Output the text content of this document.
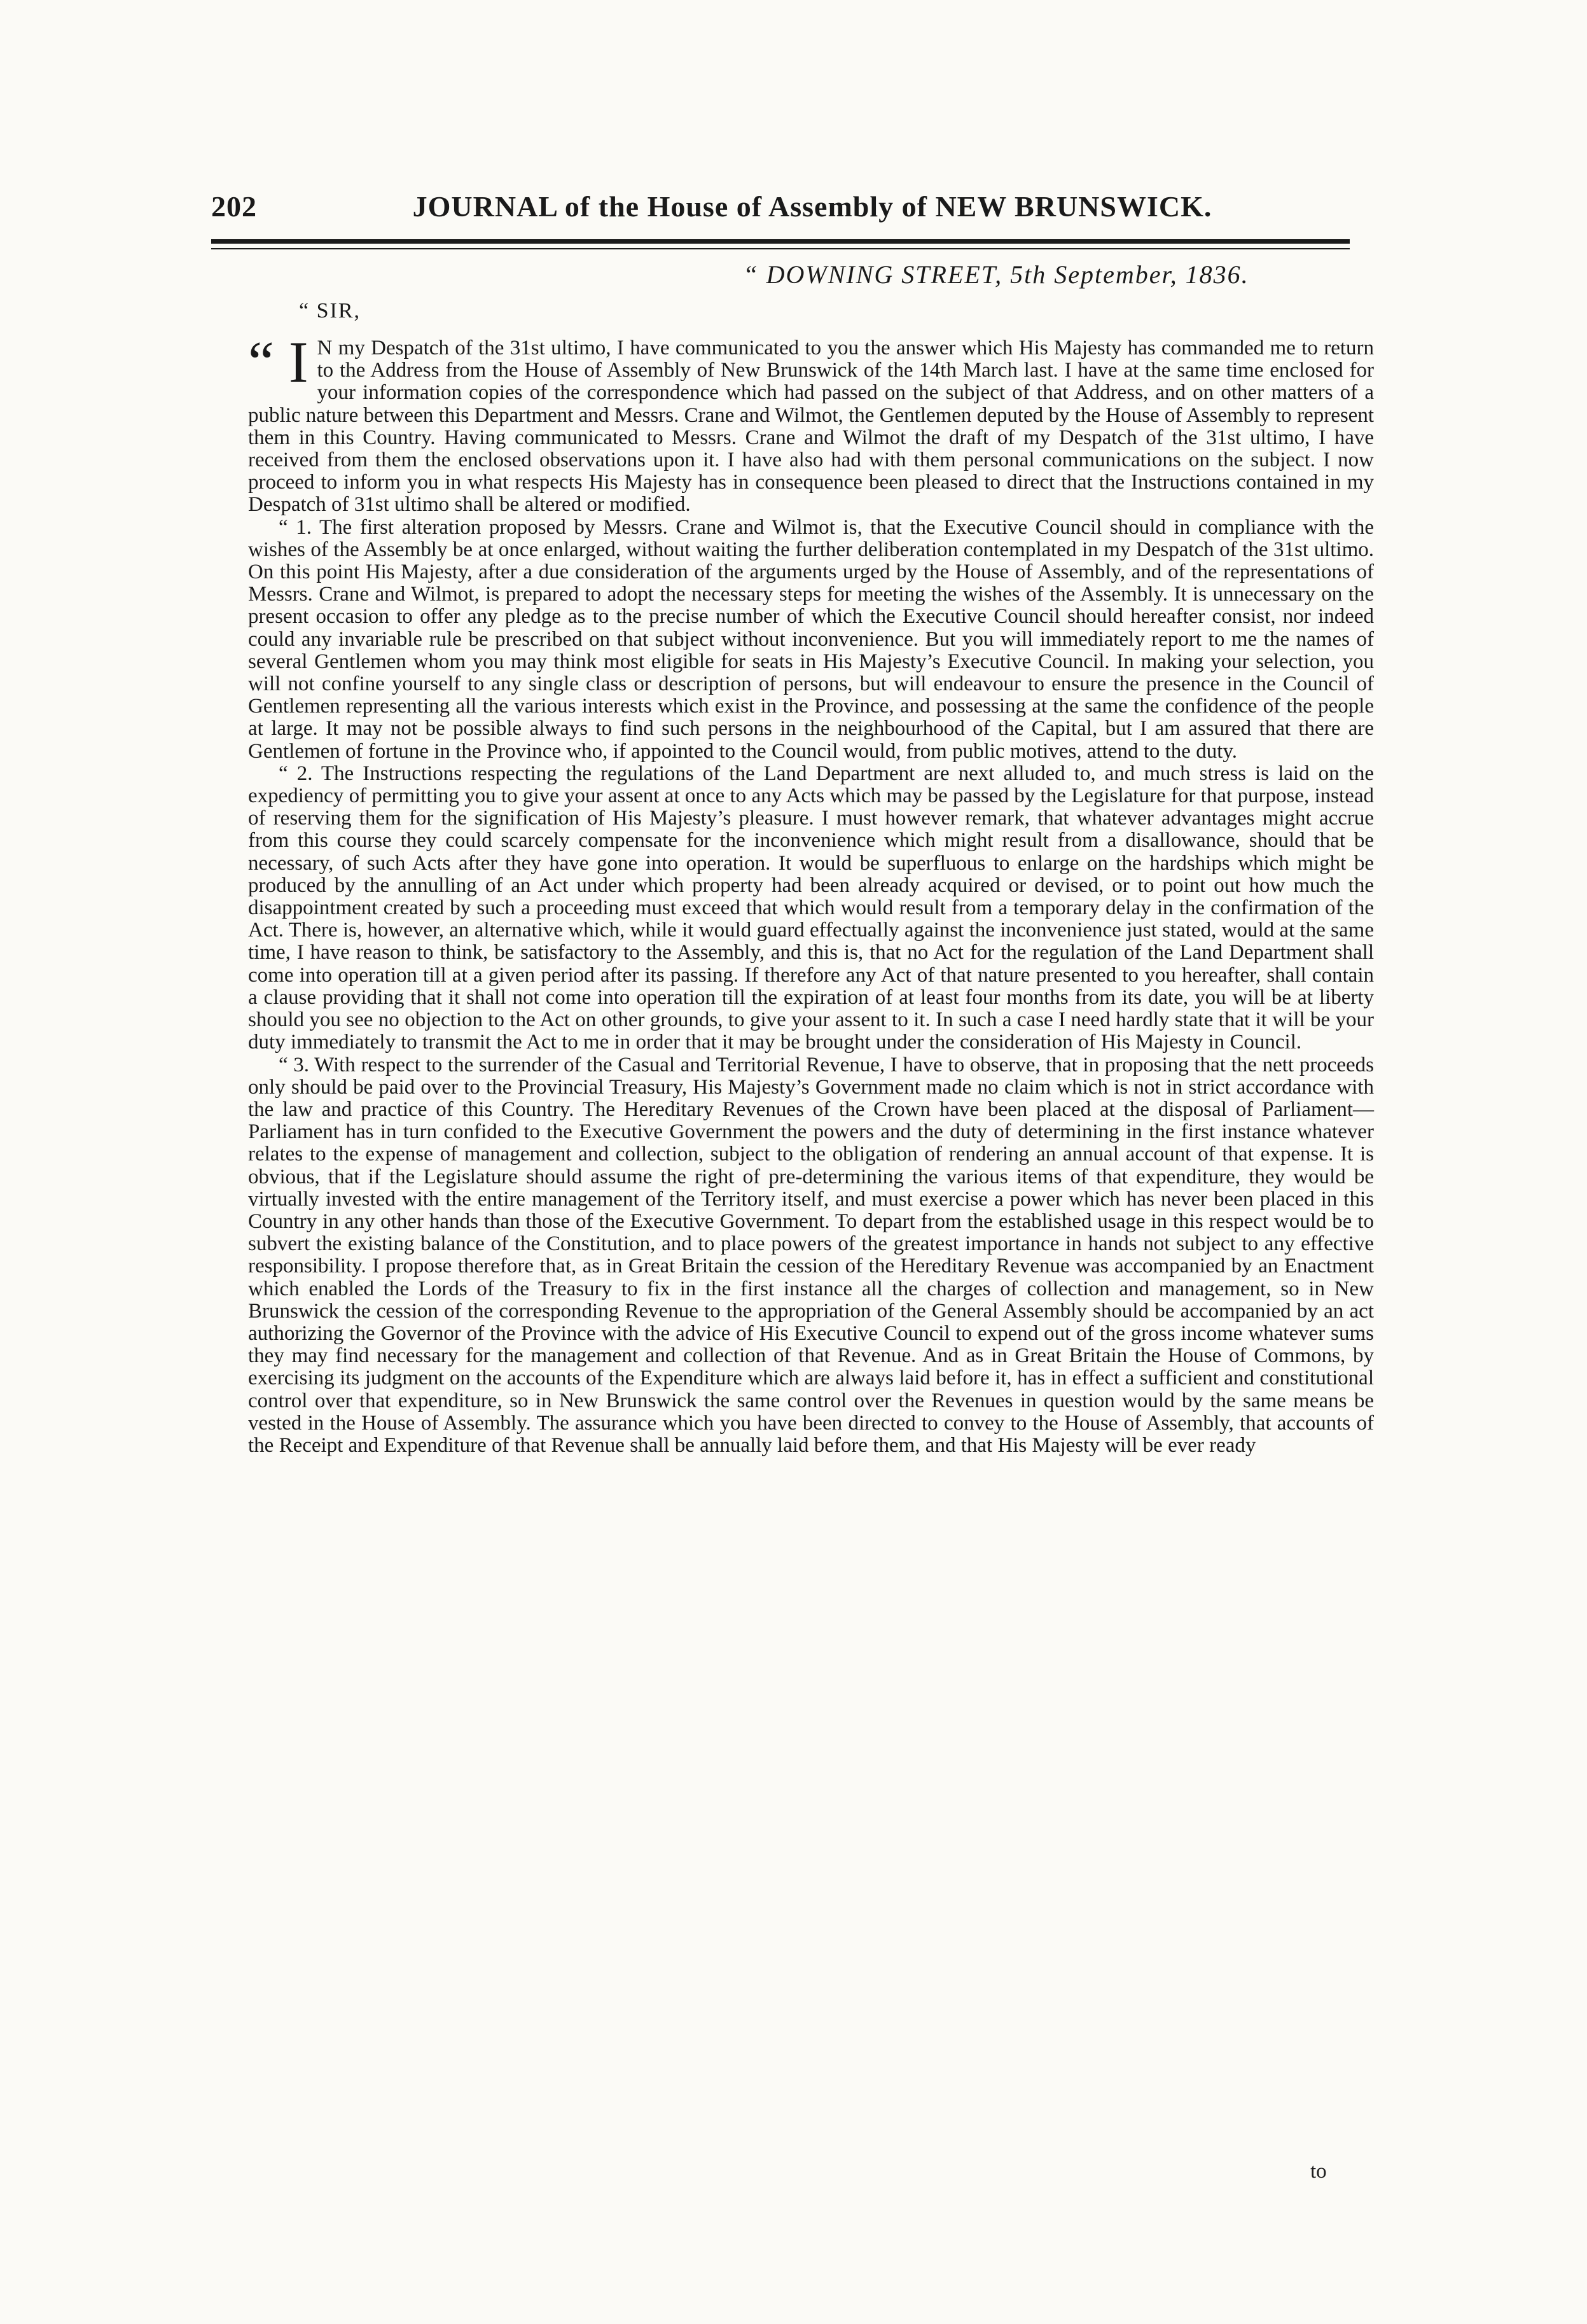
202	JOURNAL of the House of Assembly of NEW BRUNSWICK.
“ DOWNING STREET, 5th September, 1836.
“ SIR,

“ I N my Despatch of the 31st ultimo, I have communicated to you the answer which His Majesty has commanded me to return to the Address from the House of Assembly of New Brunswick of the 14th March last. I have at the same time enclosed for your information copies of the correspondence which had passed on the subject of that Address, and on other matters of a public nature between this Department and Messrs. Crane and Wilmot, the Gentlemen deputed by the House of Assembly to represent them in this Country. Having communicated to Messrs. Crane and Wilmot the draft of my Despatch of the 31st ultimo, I have received from them the enclosed observations upon it. I have also had with them personal communications on the subject. I now proceed to inform you in what respects His Majesty has in consequence been pleased to direct that the Instructions contained in my Despatch of 31st ultimo shall be altered or modified.

“ 1. The first alteration proposed by Messrs. Crane and Wilmot is, that the Executive Council should in compliance with the wishes of the Assembly be at once enlarged, without waiting the further deliberation contemplated in my Despatch of the 31st ultimo. On this point His Majesty, after a due consideration of the arguments urged by the House of Assembly, and of the representations of Messrs. Crane and Wilmot, is prepared to adopt the necessary steps for meeting the wishes of the Assembly. It is unnecessary on the present occasion to offer any pledge as to the precise number of which the Executive Council should hereafter consist, nor indeed could any invariable rule be prescribed on that subject without inconvenience. But you will immediately report to me the names of several Gentlemen whom you may think most eligible for seats in His Majesty’s Executive Council. In making your selection, you will not confine yourself to any single class or description of persons, but will endeavour to ensure the presence in the Council of Gentlemen representing all the various interests which exist in the Province, and possessing at the same the confidence of the people at large. It may not be possible always to find such persons in the neighbourhood of the Capital, but I am assured that there are Gentlemen of fortune in the Province who, if appointed to the Council would, from public motives, attend to the duty.

“ 2. The Instructions respecting the regulations of the Land Department are next alluded to, and much stress is laid on the expediency of permitting you to give your assent at once to any Acts which may be passed by the Legislature for that purpose, instead of reserving them for the signification of His Majesty’s pleasure. I must however remark, that whatever advantages might accrue from this course they could scarcely compensate for the inconvenience which might result from a disallowance, should that be necessary, of such Acts after they have gone into operation. It would be superfluous to enlarge on the hardships which might be produced by the annulling of an Act under which property had been already acquired or devised, or to point out how much the disappointment created by such a proceeding must exceed that which would result from a temporary delay in the confirmation of the Act. There is, however, an alternative which, while it would guard effectually against the inconvenience just stated, would at the same time, I have reason to think, be satisfactory to the Assembly, and this is, that no Act for the regulation of the Land Department shall come into operation till at a given period after its passing. If therefore any Act of that nature presented to you hereafter, shall contain a clause providing that it shall not come into operation till the expiration of at least four months from its date, you will be at liberty should you see no objection to the Act on other grounds, to give your assent to it. In such a case I need hardly state that it will be your duty immediately to transmit the Act to me in order that it may be brought under the consideration of His Majesty in Council.

“ 3. With respect to the surrender of the Casual and Territorial Revenue, I have to observe, that in proposing that the nett proceeds only should be paid over to the Provincial Treasury, His Majesty’s Government made no claim which is not in strict accordance with the law and practice of this Country. The Hereditary Revenues of the Crown have been placed at the disposal of Parliament—Parliament has in turn confided to the Executive Government the powers and the duty of determining in the first instance whatever relates to the expense of management and collection, subject to the obligation of rendering an annual account of that expense. It is obvious, that if the Legislature should assume the right of pre-determining the various items of that expenditure, they would be virtually invested with the entire management of the Territory itself, and must exercise a power which has never been placed in this Country in any other hands than those of the Executive Government. To depart from the established usage in this respect would be to subvert the existing balance of the Constitution, and to place powers of the greatest importance in hands not subject to any effective responsibility. I propose therefore that, as in Great Britain the cession of the Hereditary Revenue was accompanied by an Enactment which enabled the Lords of the Treasury to fix in the first instance all the charges of collection and management, so in New Brunswick the cession of the corresponding Revenue to the appropriation of the General Assembly should be accompanied by an act authorizing the Governor of the Province with the advice of His Executive Council to expend out of the gross income whatever sums they may find necessary for the management and collection of that Revenue. And as in Great Britain the House of Commons, by exercising its judgment on the accounts of the Expenditure which are always laid before it, has in effect a sufficient and constitutional control over that expenditure, so in New Brunswick the same control over the Revenues in question would by the same means be vested in the House of Assembly. The assurance which you have been directed to convey to the House of Assembly, that accounts of the Receipt and Expenditure of that Revenue shall be annually laid before them, and that His Majesty will be ever ready

to
